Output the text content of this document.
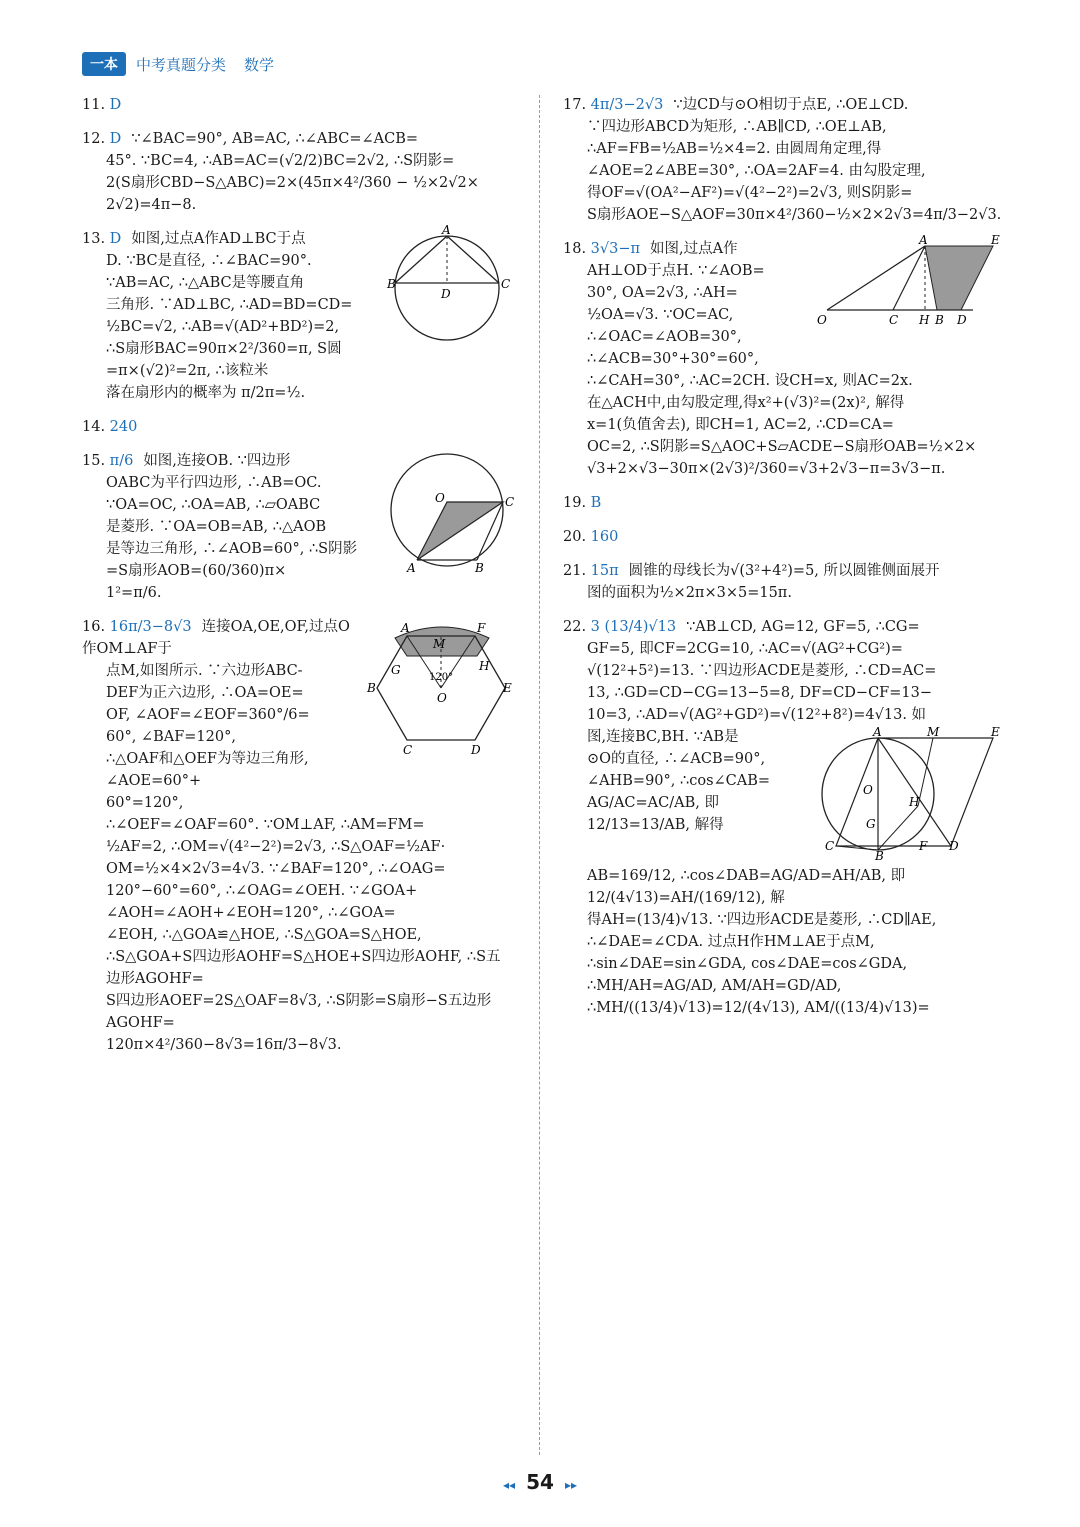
一本	中考真题分类 数学
11. D
12. D ∵∠BAC=90°, AB=AC, ∴∠ABC=∠ACB=
45°. ∵BC=4, ∴AB=AC=(√2/2)BC=2√2, ∴S阴影=
2(S扇形CBD−S△ABC)=2×(45π×4²/360 − ½×2√2×
2√2)=4π−8.
A
B	C
D
13. D 如图,过点A作AD⊥BC于点
D. ∵BC是直径, ∴∠BAC=90°.
∵AB=AC, ∴△ABC是等腰直角
三角形. ∵AD⊥BC, ∴AD=BD=CD=
½BC=√2, ∴AB=√(AD²+BD²)=2,
∴S扇形BAC=90π×2²/360=π, S圆=π×(√2)²=2π, ∴该粒米
落在扇形内的概率为 π/2π=½.
14. 240
O	C
A	B
15. π/6 如图,连接OB. ∵四边形
OABC为平行四边形, ∴AB=OC.
∵OA=OC, ∴OA=AB, ∴▱OABC
是菱形. ∵OA=OB=AB, ∴△AOB
是等边三角形, ∴∠AOB=60°, ∴S阴影=S扇形AOB=(60/360)π×
1²=π/6.
A	F
M
G	H
B	E
O
C	D
120°
16. 16π/3−8√3 连接OA,OE,OF,过点O作OM⊥AF于
点M,如图所示. ∵六边形ABC-
DEF为正六边形, ∴OA=OE=
OF, ∠AOF=∠EOF=360°/6=
60°, ∠BAF=120°,
∴△OAF和△OEF为等边三角形, ∠AOE=60°+
60°=120°,
∴∠OEF=∠OAF=60°. ∵OM⊥AF, ∴AM=FM=
½AF=2, ∴OM=√(4²−2²)=2√3, ∴S△OAF=½AF·
OM=½×4×2√3=4√3. ∵∠BAF=120°, ∴∠OAG=
120°−60°=60°, ∴∠OAG=∠OEH. ∵∠GOA+
∠AOH=∠AOH+∠EOH=120°, ∴∠GOA=
∠EOH, ∴△GOA≌△HOE, ∴S△GOA=S△HOE,
∴S△GOA+S四边形AOHF=S△HOE+S四边形AOHF, ∴S五边形AGOHF=
S四边形AOEF=2S△OAF=8√3, ∴S阴影=S扇形−S五边形AGOHF=
120π×4²/360−8√3=16π/3−8√3.
17. 4π/3−2√3 ∵边CD与⊙O相切于点E, ∴OE⊥CD.
∵四边形ABCD为矩形, ∴AB∥CD, ∴OE⊥AB,
∴AF=FB=½AB=½×4=2. 由圆周角定理,得
∠AOE=2∠ABE=30°, ∴OA=2AF=4. 由勾股定理,
得OF=√(OA²−AF²)=√(4²−2²)=2√3, 则S阴影=
S扇形AOE−S△AOF=30π×4²/360−½×2×2√3=4π/3−2√3.
A	E
O	C H B D
18. 3√3−π 如图,过点A作
AH⊥OD于点H. ∵∠AOB=
30°, OA=2√3, ∴AH=
½OA=√3. ∵OC=AC,
∴∠OAC=∠AOB=30°, ∴∠ACB=30°+30°=60°,
∴∠CAH=30°, ∴AC=2CH. 设CH=x, 则AC=2x.
在△ACH中,由勾股定理,得x²+(√3)²=(2x)², 解得
x=1(负值舍去), 即CH=1, AC=2, ∴CD=CA=
OC=2, ∴S阴影=S△AOC+S▱ACDE−S扇形OAB=½×2×
√3+2×√3−30π×(2√3)²/360=√3+2√3−π=3√3−π.
19. B
20. 160
21. 15π 圆锥的母线长为√(3²+4²)=5, 所以圆锥侧面展开
图的面积为½×2π×3×5=15π.
22. 3 (13/4)√13 ∵AB⊥CD, AG=12, GF=5, ∴CG=
GF=5, 即CF=2CG=10, ∴AC=√(AG²+CG²)=
√(12²+5²)=13. ∵四边形ACDE是菱形, ∴CD=AC=
13, ∴GD=CD−CG=13−5=8, DF=CD−CF=13−
10=3, ∴AD=√(AG²+GD²)=√(12²+8²)=4√13. 如
A	M	E
O
H
G
C	F D
B
图,连接BC,BH. ∵AB是
⊙O的直径, ∴∠ACB=90°,
∠AHB=90°, ∴cos∠CAB=
AG/AC=AC/AB, 即 12/13=13/AB, 解得
AB=169/12, ∴cos∠DAB=AG/AD=AH/AB, 即 12/(4√13)=AH/(169/12), 解
得AH=(13/4)√13. ∵四边形ACDE是菱形, ∴CD∥AE,
∴∠DAE=∠CDA. 过点H作HM⊥AE于点M,
∴sin∠DAE=sin∠GDA, cos∠DAE=cos∠GDA,
∴MH/AH=AG/AD, AM/AH=GD/AD, ∴MH/((13/4)√13)=12/(4√13), AM/((13/4)√13)=
◂◂ 54 ▸▸
